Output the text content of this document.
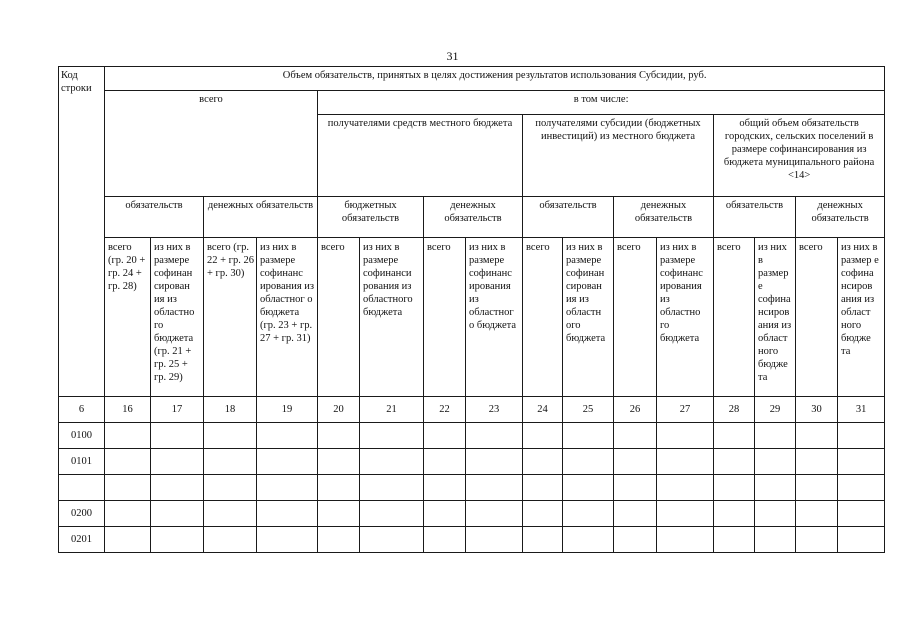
31
Код строки	Объем обязательств, принятых в целях достижения результатов использования Субсидии, руб.															
	всего				в том числе:											
					получателями средств местного бюджета				получателями субсидии (бюджетных инвестиций) из местного бюджета				общий объем обязательств городских, сельских поселений в размере софинансирования из бюджета муниципального района <14>			
	обязательств		денежных обязательств		бюджетных обязательств		денежных обязательств		обязательств		денежных обязательств		обязательств		денежных обязательств	
	всего (гр. 20 + гр. 24 + гр. 28)	из них в размере софинан сирован ия из областно го бюджета (гр. 21 + гр. 25 + гр. 29)	всего (гр. 22 + гр. 26 + гр. 30)	из них в размере софинанс ирования из областног о бюджета (гр. 23 + гр. 27 + гр. 31)	всего	из них в размере софинанси рования из областного бюджета	всего	из них в размере софинанс ирования из областног о бюджета	всего	из них в размере софинан сирован ия из областн ого бюджета	всего	из них в размере софинанс ирования из областно го бюджета	всего	из них в размер е софина нсиров ания из област ного бюдже та	всего	из них в размер е софина нсиров ания из област ного бюдже та
6	16	17	18	19	20	21	22	23	24	25	26	27	28	29	30	31
0100																
0101																

0200																
0201																
